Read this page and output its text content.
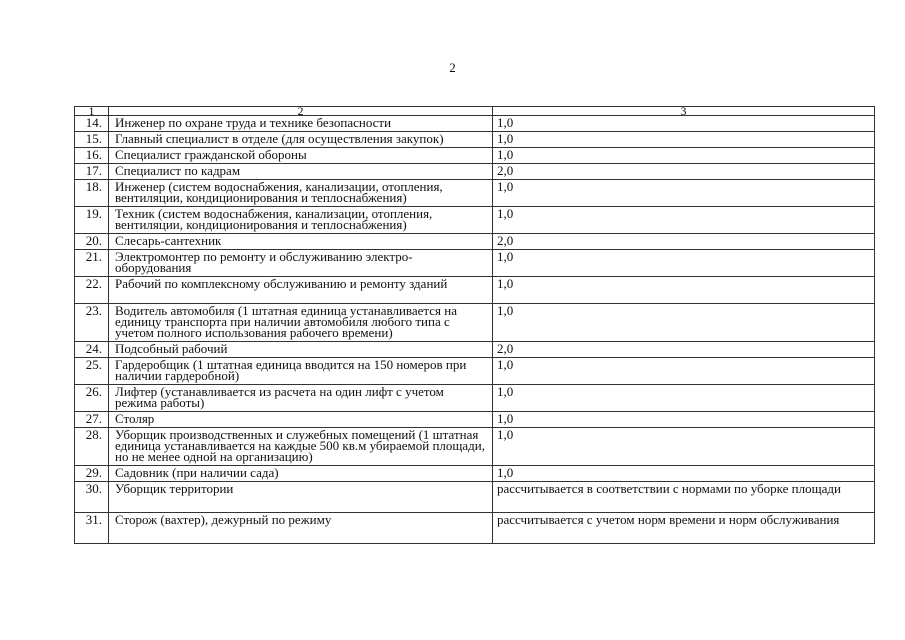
2
1	2	3
14.	Инженер по охране труда и технике безопасности	1,0
15.	Главный специалист в отделе (для осуществления закупок)	1,0
16.	Специалист гражданской обороны	1,0
17.	Специалист по кадрам	2,0
18.	Инженер (систем водоснабжения, канализации, отопления, вентиляции, кондиционирования и теплоснабжения)	1,0
19.	Техник (систем водоснабжения, канализации, отопления, вентиляции, кондиционирования и теплоснабжения)	1,0
20.	Слесарь-сантехник	2,0
21.	Электромонтер по ремонту и обслуживанию электро-оборудования	1,0
22.	Рабочий по комплексному обслуживанию и ремонту зданий	1,0
23.	Водитель автомобиля (1 штатная единица устанавливается на единицу транспорта при наличии автомобиля любого типа с учетом полного использования рабочего времени)	1,0
24.	Подсобный рабочий	2,0
25.	Гардеробщик (1 штатная единица вводится на 150 номеров при наличии гардеробной)	1,0
26.	Лифтер (устанавливается из расчета на один лифт с учетом режима работы)	1,0
27.	Столяр	1,0
28.	Уборщик производственных и служебных помещений (1 штатная единица устанавливается на каждые 500 кв.м убираемой площади, но не менее одной на организацию)	1,0
29.	Садовник (при наличии сада)	1,0
30.	Уборщик территории	рассчитывается в соответствии с нормами по уборке площади
31.	Сторож (вахтер), дежурный по режиму	рассчитывается с учетом норм времени и норм обслуживания
